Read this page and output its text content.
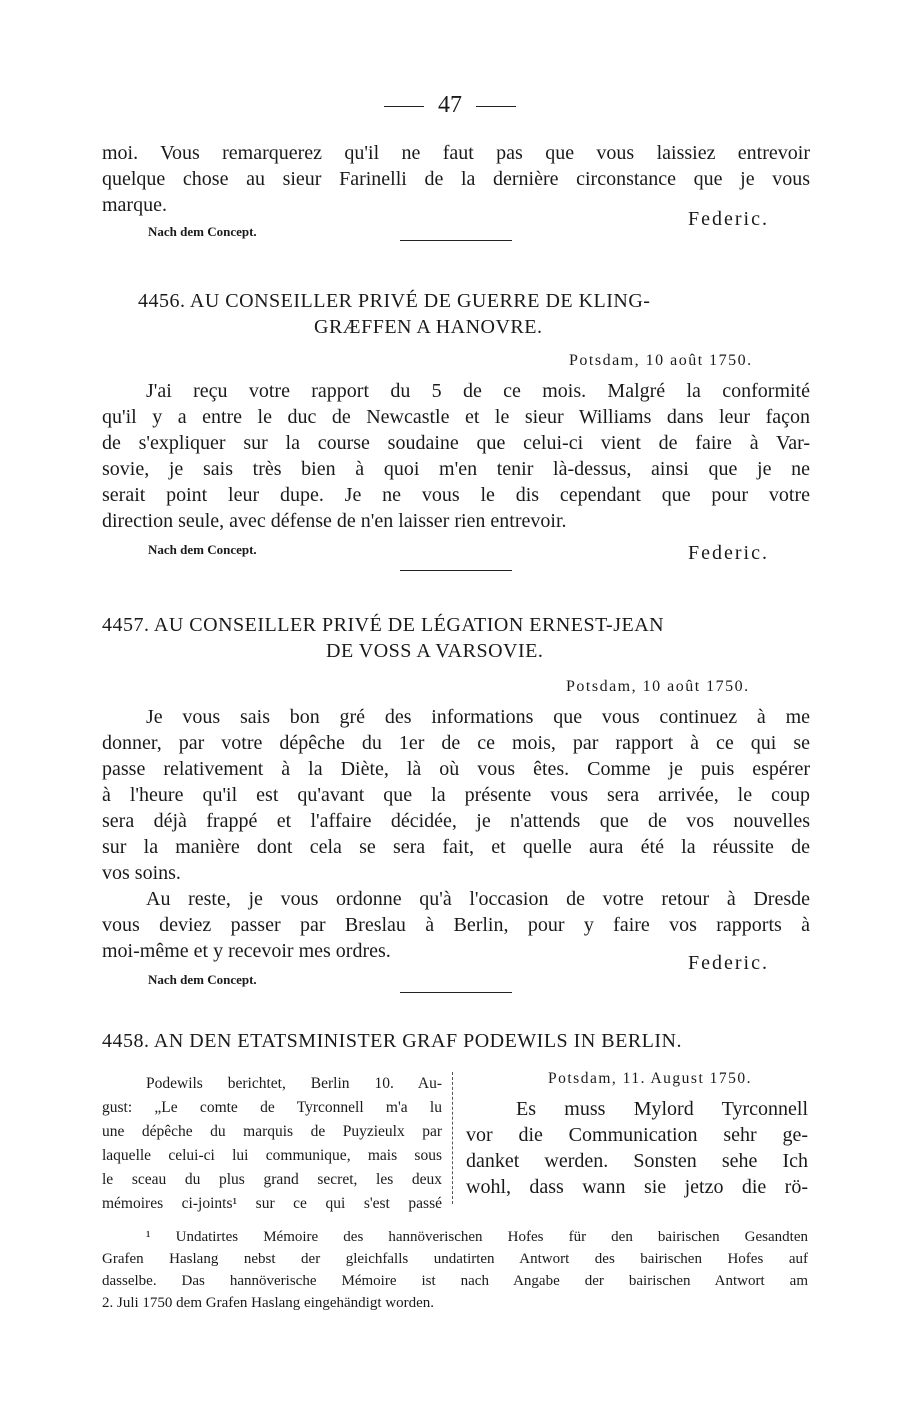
47
moi. Vous remarquerez qu'il ne faut pas que vous laissiez entrevoir
quelque chose au sieur Farinelli de la dernière circonstance que je vous
marque.
Federic.
Nach dem Concept.
4456. AU CONSEILLER PRIVÉ DE GUERRE DE KLING-
GRÆFFEN A HANOVRE.
Potsdam, 10 août 1750.
J'ai reçu votre rapport du 5 de ce mois. Malgré la conformité
qu'il y a entre le duc de Newcastle et le sieur Williams dans leur façon
de s'expliquer sur la course soudaine que celui-ci vient de faire à Var-
sovie, je sais très bien à quoi m'en tenir là-dessus, ainsi que je ne
serait point leur dupe. Je ne vous le dis cependant que pour votre
direction seule, avec défense de n'en laisser rien entrevoir.
Nach dem Concept.	Federic.
4457. AU CONSEILLER PRIVÉ DE LÉGATION ERNEST-JEAN
DE VOSS A VARSOVIE.
Potsdam, 10 août 1750.
Je vous sais bon gré des informations que vous continuez à me
donner, par votre dépêche du 1er de ce mois, par rapport à ce qui se
passe relativement à la Diète, là où vous êtes. Comme je puis espérer
à l'heure qu'il est qu'avant que la présente vous sera arrivée, le coup
sera déjà frappé et l'affaire décidée, je n'attends que de vos nouvelles
sur la manière dont cela se sera fait, et quelle aura été la réussite de
vos soins.
Au reste, je vous ordonne qu'à l'occasion de votre retour à Dresde
vous deviez passer par Breslau à Berlin, pour y faire vos rapports à
moi-même et y recevoir mes ordres.
Federic.
Nach dem Concept.
4458. AN DEN ETATSMINISTER GRAF PODEWILS IN BERLIN.
Podewils berichtet, Berlin 10. Au-
gust: „Le comte de Tyrconnell m'a lu
une dépêche du marquis de Puyzieulx par
laquelle celui-ci lui communique, mais sous
le sceau du plus grand secret, les deux
mémoires ci-joints¹ sur ce qui s'est passé
Potsdam, 11. August 1750.
Es muss Mylord Tyrconnell
vor die Communication sehr ge-
danket werden. Sonsten sehe Ich
wohl, dass wann sie jetzo die rö-
¹ Undatirtes Mémoire des hannöverischen Hofes für den bairischen Gesandten
Grafen Haslang nebst der gleichfalls undatirten Antwort des bairischen Hofes auf
dasselbe. Das hannöverische Mémoire ist nach Angabe der bairischen Antwort am
2. Juli 1750 dem Grafen Haslang eingehändigt worden.
